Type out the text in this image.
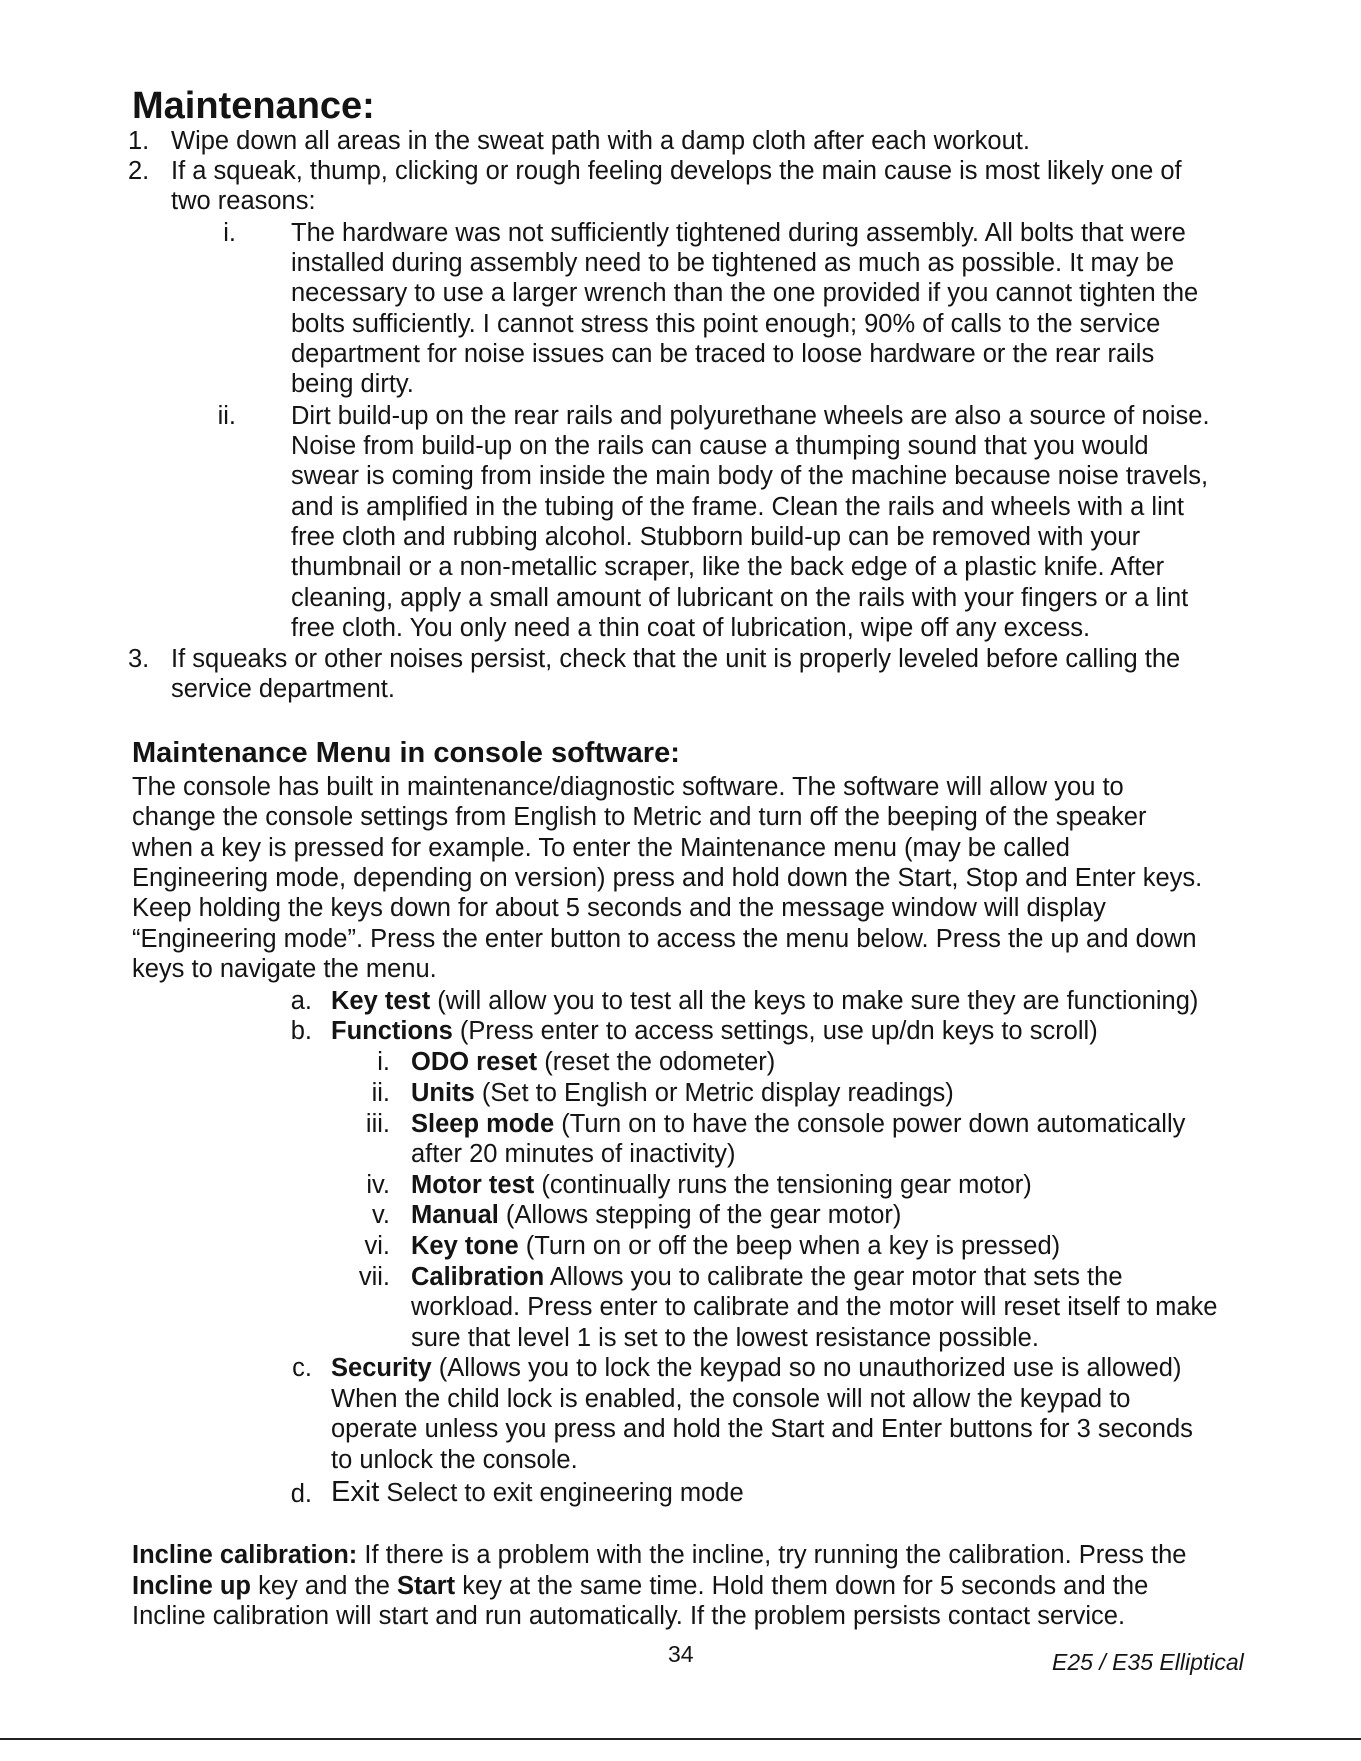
Maintenance:
1. Wipe down all areas in the sweat path with a damp cloth after each workout.
2. If a squeak, thump, clicking or rough feeling develops the main cause is most likely one of
two reasons:
i. The hardware was not sufficiently tightened during assembly. All bolts that were
installed during assembly need to be tightened as much as possible. It may be
necessary to use a larger wrench than the one provided if you cannot tighten the
bolts sufficiently. I cannot stress this point enough; 90% of calls to the service
department for noise issues can be traced to loose hardware or the rear rails
being dirty.
ii. Dirt build-up on the rear rails and polyurethane wheels are also a source of noise.
Noise from build-up on the rails can cause a thumping sound that you would
swear is coming from inside the main body of the machine because noise travels,
and is amplified in the tubing of the frame. Clean the rails and wheels with a lint
free cloth and rubbing alcohol. Stubborn build-up can be removed with your
thumbnail or a non-metallic scraper, like the back edge of a plastic knife. After
cleaning, apply a small amount of lubricant on the rails with your fingers or a lint
free cloth. You only need a thin coat of lubrication, wipe off any excess.
3. If squeaks or other noises persist, check that the unit is properly leveled before calling the
service department.
Maintenance Menu in console software:
The console has built in maintenance/diagnostic software. The software will allow you to
change the console settings from English to Metric and turn off the beeping of the speaker
when a key is pressed for example. To enter the Maintenance menu (may be called
Engineering mode, depending on version) press and hold down the Start, Stop and Enter keys.
Keep holding the keys down for about 5 seconds and the message window will display
“Engineering mode”. Press the enter button to access the menu below. Press the up and down
keys to navigate the menu.
a. Key test (will allow you to test all the keys to make sure they are functioning)
b. Functions (Press enter to access settings, use up/dn keys to scroll)
i. ODO reset (reset the odometer)
ii. Units (Set to English or Metric display readings)
iii. Sleep mode (Turn on to have the console power down automatically
after 20 minutes of inactivity)
iv. Motor test (continually runs the tensioning gear motor)
v. Manual (Allows stepping of the gear motor)
vi. Key tone (Turn on or off the beep when a key is pressed)
vii. Calibration Allows you to calibrate the gear motor that sets the
workload. Press enter to calibrate and the motor will reset itself to make
sure that level 1 is set to the lowest resistance possible.
c. Security (Allows you to lock the keypad so no unauthorized use is allowed)
When the child lock is enabled, the console will not allow the keypad to
operate unless you press and hold the Start and Enter buttons for 3 seconds
to unlock the console.
d. Exit Select to exit engineering mode
Incline calibration: If there is a problem with the incline, try running the calibration. Press the
Incline up key and the Start key at the same time. Hold them down for 5 seconds and the
Incline calibration will start and run automatically. If the problem persists contact service.
34	E25 / E35 Elliptical
